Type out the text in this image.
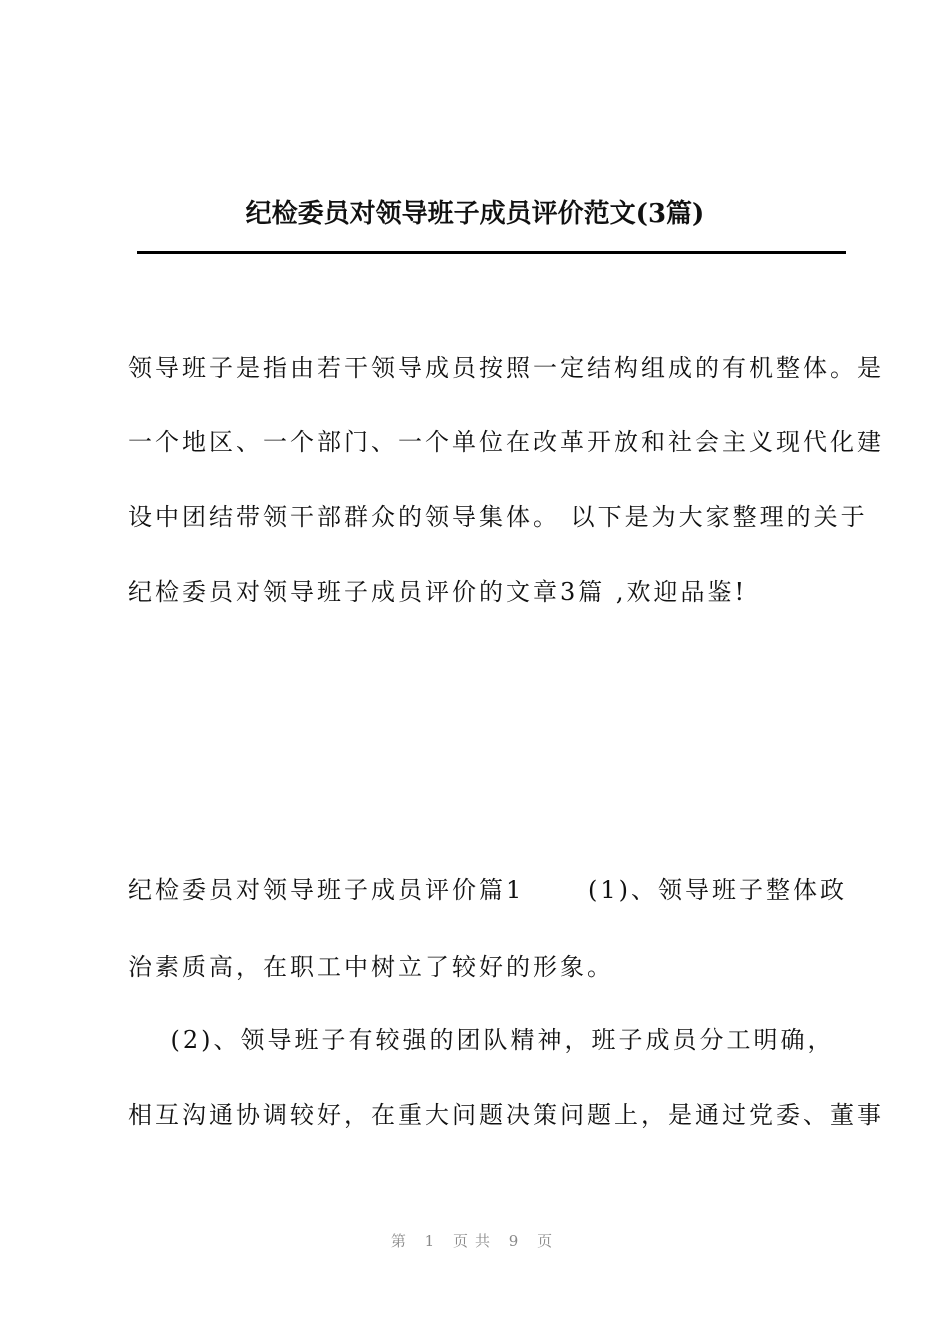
纪检委员对领导班子成员评价范文(3篇)
领导班子是指由若干领导成员按照一定结构组成的有机整体。是
一个地区、一个部门、一个单位在改革开放和社会主义现代化建
设中团结带领干部群众的领导集体。 以下是为大家整理的关于
纪检委员对领导班子成员评价的文章3篇 ,欢迎品鉴!
纪检委员对领导班子成员评价篇1      (1)、领导班子整体政
治素质高，在职工中树立了较好的形象。
(2)、领导班子有较强的团队精神，班子成员分工明确，
相互沟通协调较好，在重大问题决策问题上，是通过党委、董事
第 1 页共 9 页
